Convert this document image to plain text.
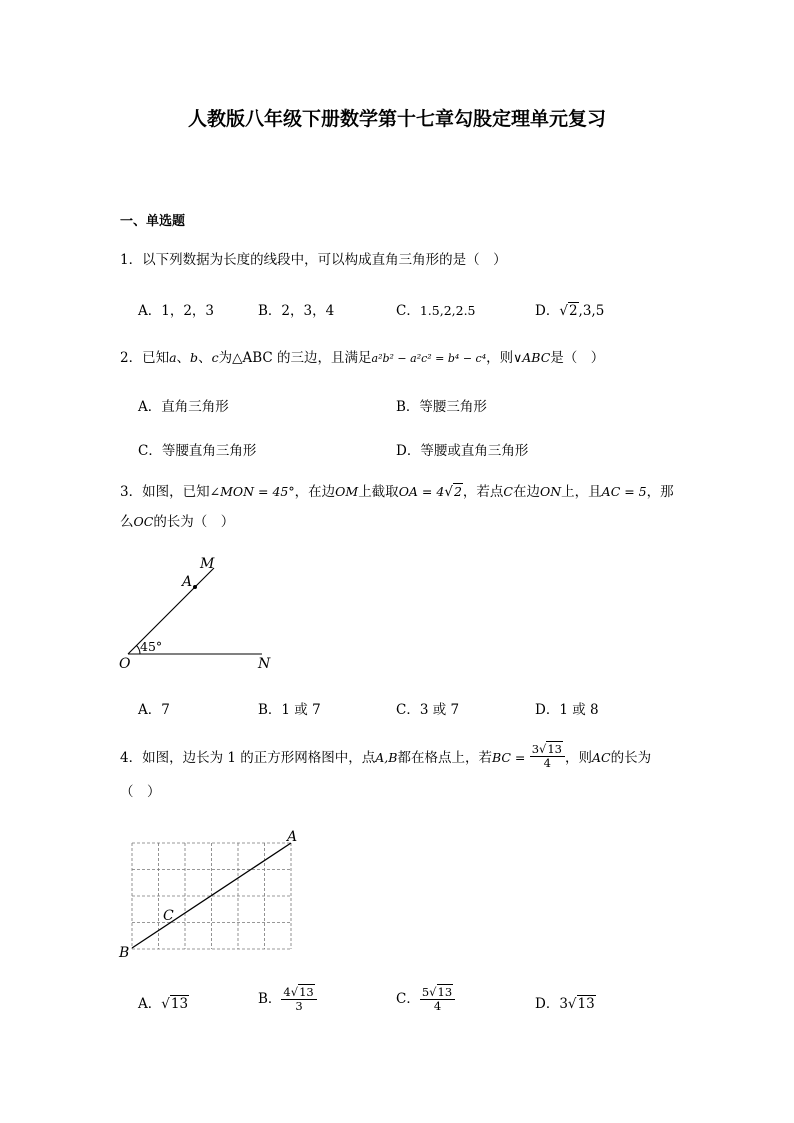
人教版八年级下册数学第十七章勾股定理单元复习
一、单选题
1．以下列数据为长度的线段中，可以构成直角三角形的是（　）
A．1，2，3	B．2，3，4	C．1.5,2,2.5	D．√2,3,5
2．已知a、b、c为△ABC 的三边，且满足a²b² − a²c² = b⁴ − c⁴，则∨ABC是（　）
A．直角三角形	B．等腰三角形
C．等腰直角三角形	D．等腰或直角三角形
3．如图，已知∠MON = 45°，在边OM上截取OA = 4√2，若点C在边ON上，且AC = 5，那
么OC的长为（　）
M
A
O	N
45°
A．7	B．1 或 7	C．3 或 7	D．1 或 8
4．如图，边长为 1 的正方形网格图中，点A,B都在格点上，若BC = $\frac{3√13}{4}$ ，则AC的长为
（　）
A
B
C
A．√13	B． $\frac{4√13}{3}$	C． $\frac{5√13}{4}$	D．3√13
